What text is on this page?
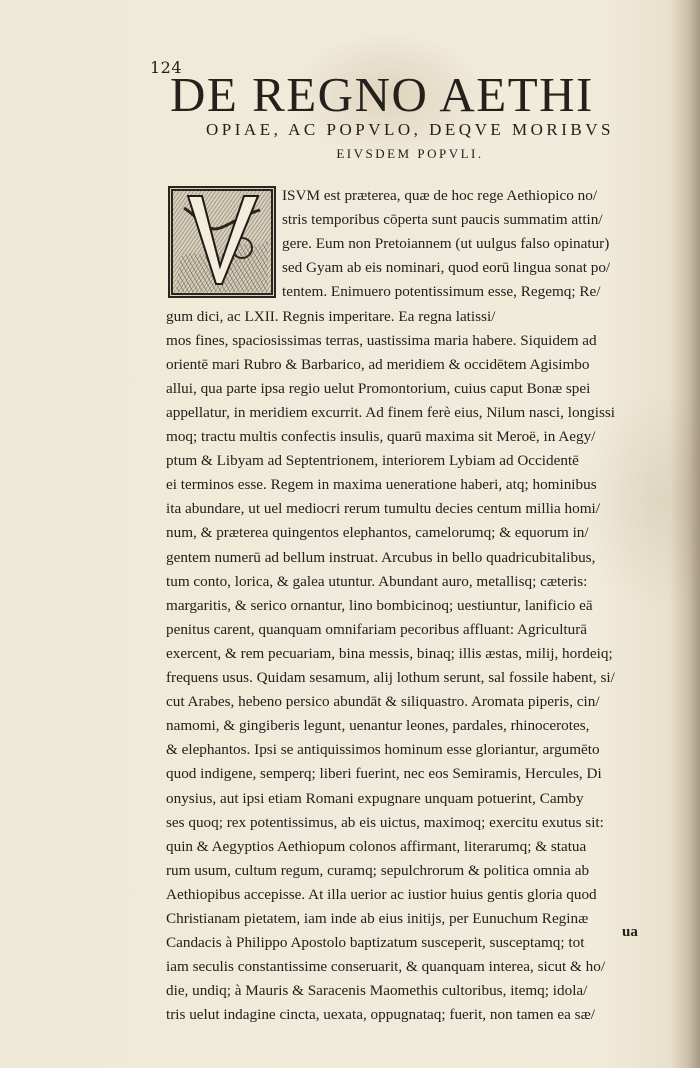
124
DE REGNO AETHI
OPIAE, AC POPVLO, DEQVE MORIBVS
EIVSDEM POPVLI.
ISVM est præterea, quæ de hoc rege Aethiopico no/
stris temporibus cōperta sunt paucis summatim attin/
gere. Eum non Pretoiannem (ut uulgus falso opinatur)
sed Gyam ab eis nominari, quod eorū lingua sonat po/
tentem. Enimuero potentissimum esse, Regemq; Re/
gum dici, ac LXII. Regnis imperitare. Ea regna latissi/
mos fines, spaciosissimas terras, uastissima maria habere. Siquidem ad
orientē mari Rubro & Barbarico, ad meridiem & occidētem Agisimbo
allui, qua parte ipsa regio uelut Promontorium, cuius caput Bonæ spei
appellatur, in meridiem excurrit. Ad finem ferè eius, Nilum nasci, longissi
moq; tractu multis confectis insulis, quarū maxima sit Meroë, in Aegy/
ptum & Libyam ad Septentrionem, interiorem Lybiam ad Occidentē
ei terminos esse. Regem in maxima ueneratione haberi, atq; hominibus
ita abundare, ut uel mediocri rerum tumultu decies centum millia homi/
num, & præterea quingentos elephantos, camelorumq; & equorum in/
gentem numerū ad bellum instruat. Arcubus in bello quadricubitalibus,
tum conto, lorica, & galea utuntur. Abundant auro, metallisq; cæteris:
margaritis, & serico ornantur, lino bombicinoq; uestiuntur, lanificio eā
penitus carent, quanquam omnifariam pecoribus affluant: Agriculturā
exercent, & rem pecuariam, bina messis, binaq; illis æstas, milij, hordeiq;
frequens usus. Quidam sesamum, alij lothum serunt, sal fossile habent, si/
cut Arabes, hebeno persico abundāt & siliquastro. Aromata piperis, cin/
namomi, & gingiberis legunt, uenantur leones, pardales, rhinocerotes,
& elephantos. Ipsi se antiquissimos hominum esse gloriantur, argumēto
quod indigene, semperq; liberi fuerint, nec eos Semiramis, Hercules, Di
onysius, aut ipsi etiam Romani expugnare unquam potuerint, Camby
ses quoq; rex potentissimus, ab eis uictus, maximoq; exercitu exutus sit:
quin & Aegyptios Aethiopum colonos affirmant, literarumq; & statua
rum usum, cultum regum, curamq; sepulchrorum & politica omnia ab
Aethiopibus accepisse. At illa uerior ac iustior huius gentis gloria quod
Christianam pietatem, iam inde ab eius initijs, per Eunuchum Reginæ
Candacis à Philippo Apostolo baptizatum susceperit, susceptamq; tot
iam seculis constantissime conseruarit, & quanquam interea, sicut & ho/
die, undiq; à Mauris & Saracenis Maomethis cultoribus, itemq; idola/
tris uelut indagine cincta, uexata, oppugnataq; fuerit, non tamen ea sæ/
ua
